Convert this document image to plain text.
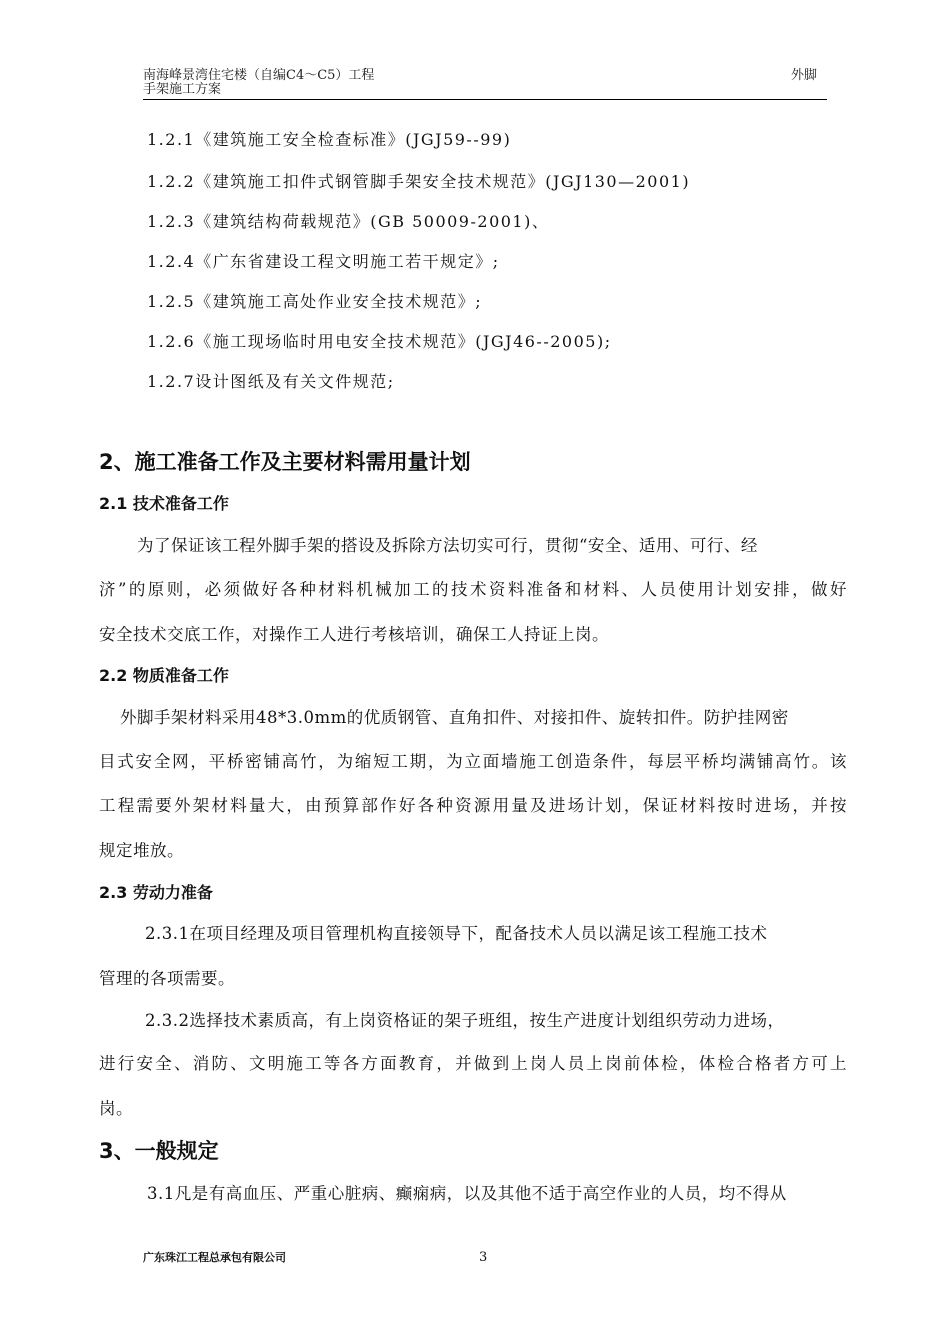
南海峰景湾住宅楼（自编C4～C5）工程
手架施工方案
外脚
1.2.1《建筑施工安全检查标准》(JGJ59--99)
1.2.2《建筑施工扣件式钢管脚手架安全技术规范》(JGJ130—2001)
1.2.3《建筑结构荷载规范》(GB 50009-2001)、
1.2.4《广东省建设工程文明施工若干规定》;
1.2.5《建筑施工高处作业安全技术规范》;
1.2.6《施工现场临时用电安全技术规范》(JGJ46--2005);
1.2.7设计图纸及有关文件规范;
2、施工准备工作及主要材料需用量计划
2.1 技术准备工作
为了保证该工程外脚手架的搭设及拆除方法切实可行，贯彻“安全、适用、可行、经
济”的原则，必须做好各种材料机械加工的技术资料准备和材料、人员使用计划安排，做好
安全技术交底工作，对操作工人进行考核培训，确保工人持证上岗。
2.2 物质准备工作
外脚手架材料采用48*3.0mm的优质钢管、直角扣件、对接扣件、旋转扣件。防护挂网密
目式安全网，平桥密铺高竹，为缩短工期，为立面墙施工创造条件，每层平桥均满铺高竹。该
工程需要外架材料量大，由预算部作好各种资源用量及进场计划，保证材料按时进场，并按
规定堆放。
2.3 劳动力准备
2.3.1在项目经理及项目管理机构直接领导下，配备技术人员以满足该工程施工技术
管理的各项需要。
2.3.2选择技术素质高，有上岗资格证的架子班组，按生产进度计划组织劳动力进场，
进行安全、消防、文明施工等各方面教育，并做到上岗人员上岗前体检，体检合格者方可上
岗。
3、一般规定
3.1凡是有高血压、严重心脏病、癫痫病，以及其他不适于高空作业的人员，均不得从
广东珠江工程总承包有限公司	3
